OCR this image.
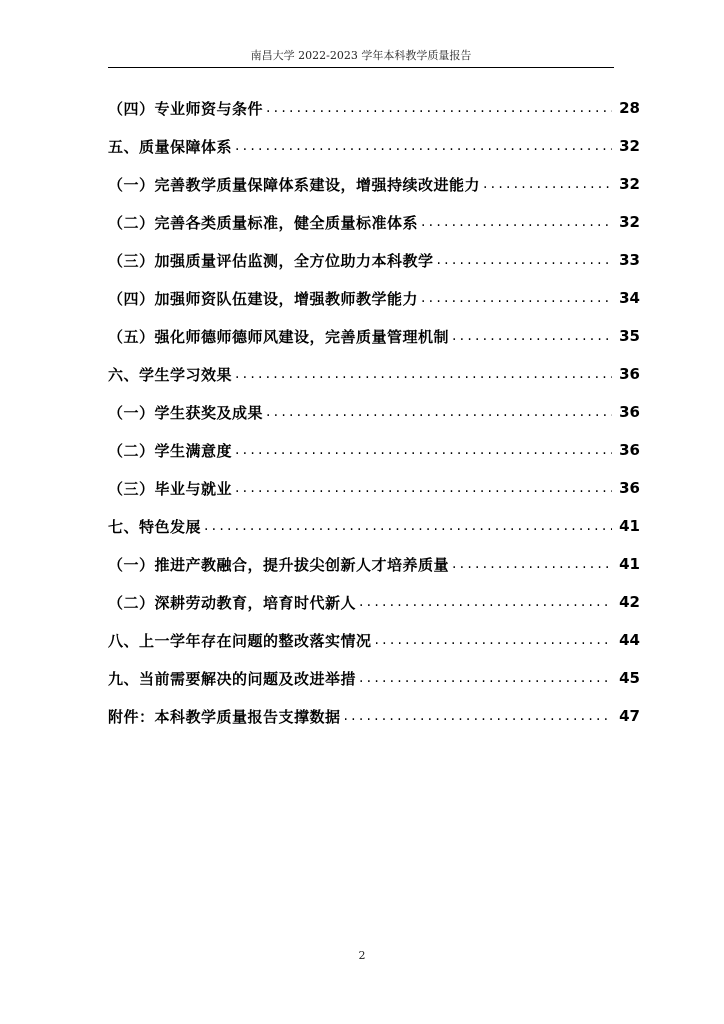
南昌大学 2022-2023 学年本科教学质量报告
（四）专业师资与条件 .....	28
五、质量保障体系 .....	32
（一）完善教学质量保障体系建设，增强持续改进能力 .....	32
（二）完善各类质量标准，健全质量标准体系 .....	32
（三）加强质量评估监测，全方位助力本科教学 .....	33
（四）加强师资队伍建设，增强教师教学能力 .....	34
（五）强化师德师德师风建设，完善质量管理机制 .....	35
六、学生学习效果 .....	36
（一）学生获奖及成果 .....	36
（二）学生满意度 .....	36
（三）毕业与就业 .....	36
七、特色发展 .....	41
（一）推进产教融合，提升拔尖创新人才培养质量 .....	41
（二）深耕劳动教育，培育时代新人 .....	42
八、上一学年存在问题的整改落实情况 .....	44
九、当前需要解决的问题及改进举措 .....	45
附件：本科教学质量报告支撑数据 .....	47
2
